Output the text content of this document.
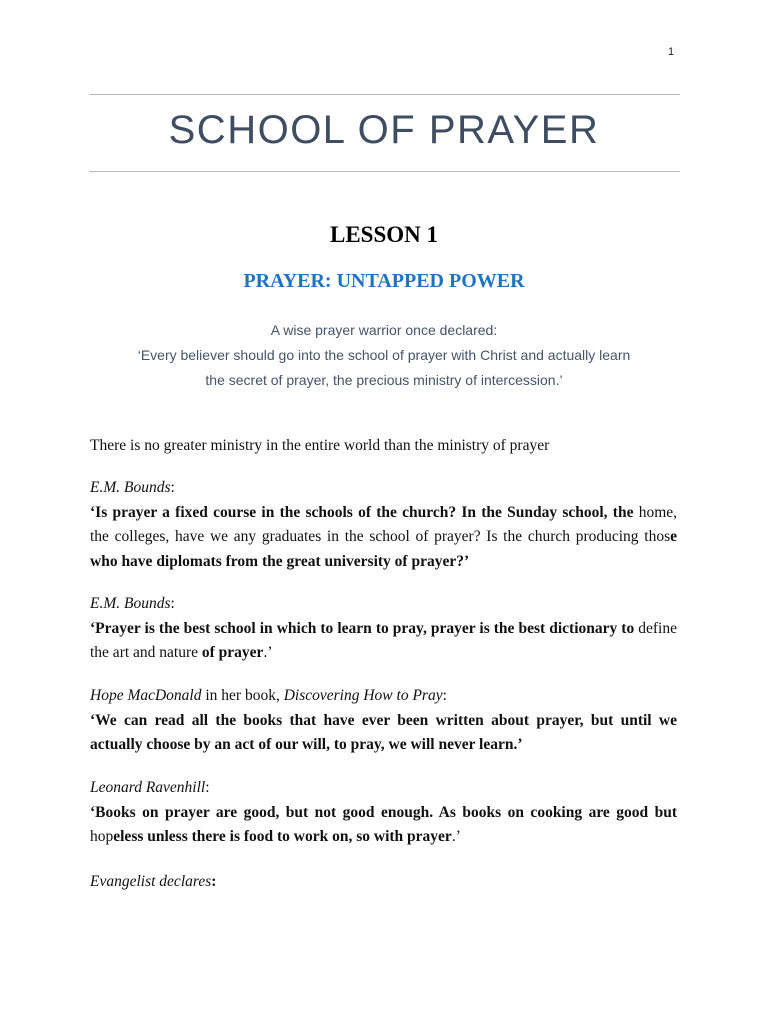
1
SCHOOL OF PRAYER
LESSON 1
PRAYER: UNTAPPED POWER
A wise prayer warrior once declared:
‘Every believer should go into the school of prayer with Christ and actually learn
the secret of prayer, the precious ministry of intercession.’
There is no greater ministry in the entire world than the ministry of prayer
E.M. Bounds:
‘Is prayer a fixed course in the schools of the church? In the Sunday school, the home, the colleges, have we any graduates in the school of prayer? Is the church producing those who have diplomats from the great university of prayer?’
E.M. Bounds:
‘Prayer is the best school in which to learn to pray, prayer is the best dictionary to define the art and nature of prayer.’
Hope MacDonald in her book, Discovering How to Pray:
‘We can read all the books that have ever been written about prayer, but until we actually choose by an act of our will, to pray, we will never learn.’
Leonard Ravenhill:
‘Books on prayer are good, but not good enough. As books on cooking are good but hopeless unless there is food to work on, so with prayer.’
Evangelist declares:
